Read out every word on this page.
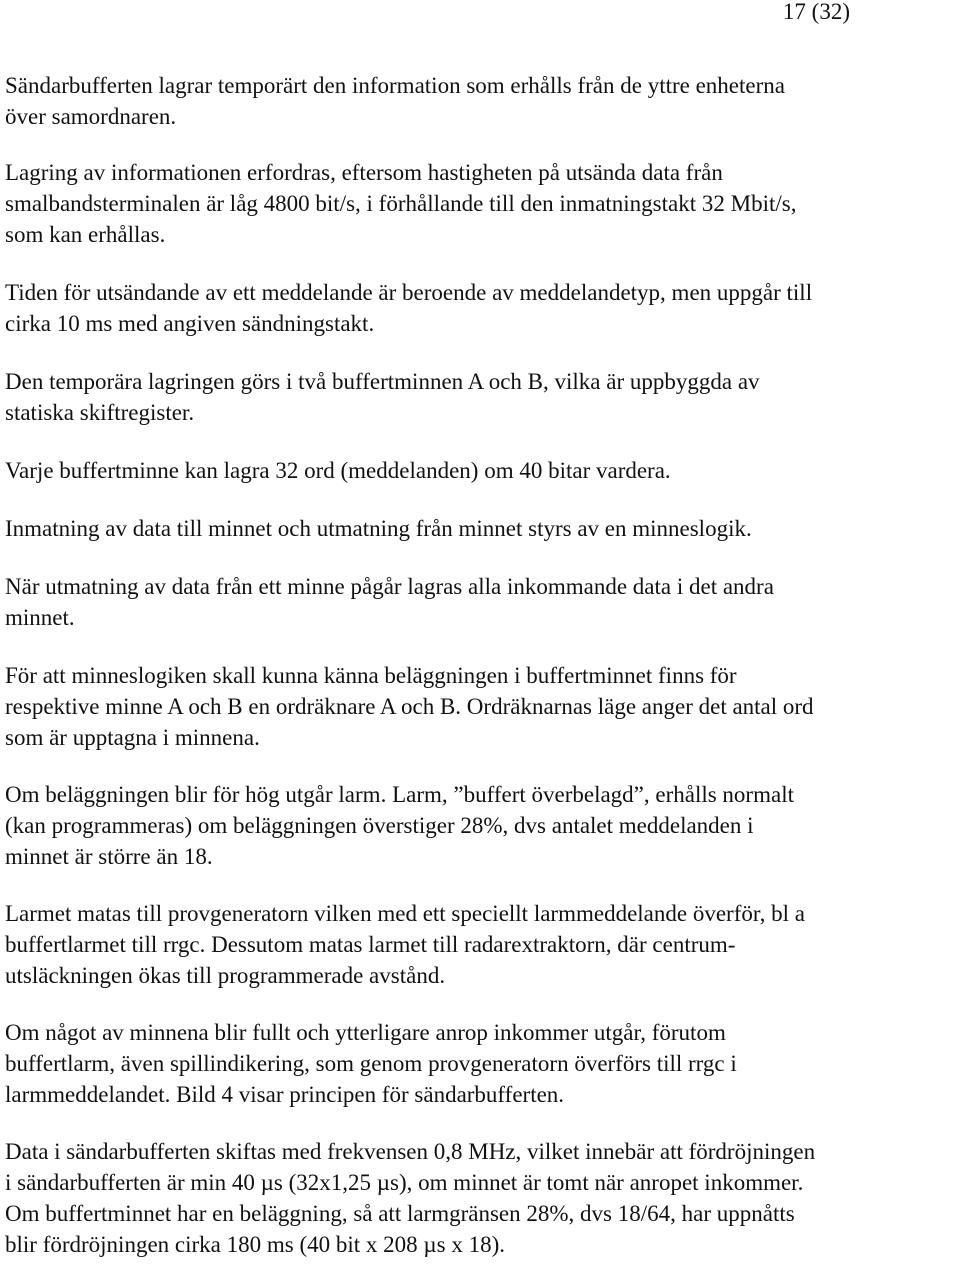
17 (32)

Sändarbufferten lagrar temporärt den information som erhålls från de yttre enheterna
över samordnaren.

Lagring av informationen erfordras, eftersom hastigheten på utsända data från
smalbandsterminalen är låg 4800 bit/s, i förhållande till den inmatningstakt 32 Mbit/s,
som kan erhållas.

Tiden för utsändande av ett meddelande är beroende av meddelandetyp, men uppgår till
cirka 10 ms med angiven sändningstakt.

Den temporära lagringen görs i två buffertminnen A och B, vilka är uppbyggda av
statiska skiftregister.

Varje buffertminne kan lagra 32 ord (meddelanden) om 40 bitar vardera.

Inmatning av data till minnet och utmatning från minnet styrs av en minneslogik.

När utmatning av data från ett minne pågår lagras alla inkommande data i det andra
minnet.

För att minneslogiken skall kunna känna beläggningen i buffertminnet finns för
respektive minne A och B en ordräknare A och B. Ordräknarnas läge anger det antal ord
som är upptagna i minnena.

Om beläggningen blir för hög utgår larm. Larm, ”buffert överbelagd”, erhålls normalt
(kan programmeras) om beläggningen överstiger 28%, dvs antalet meddelanden i
minnet är större än 18.

Larmet matas till provgeneratorn vilken med ett speciellt larmmeddelande överför, bl a
buffertlarmet till rrgc. Dessutom matas larmet till radarextraktorn, där centrum-
utsläckningen ökas till programmerade avstånd.

Om något av minnena blir fullt och ytterligare anrop inkommer utgår, förutom
buffertlarm, även spillindikering, som genom provgeneratorn överförs till rrgc i
larmmeddelandet. Bild 4 visar principen för sändarbufferten.

Data i sändarbufferten skiftas med frekvensen 0,8 MHz, vilket innebär att fördröjningen
i sändarbufferten är min 40 µs (32x1,25 µs), om minnet är tomt när anropet inkommer.
Om buffertminnet har en beläggning, så att larmgränsen 28%, dvs 18/64, har uppnåtts
blir fördröjningen cirka 180 ms (40 bit x 208 µs x 18).
